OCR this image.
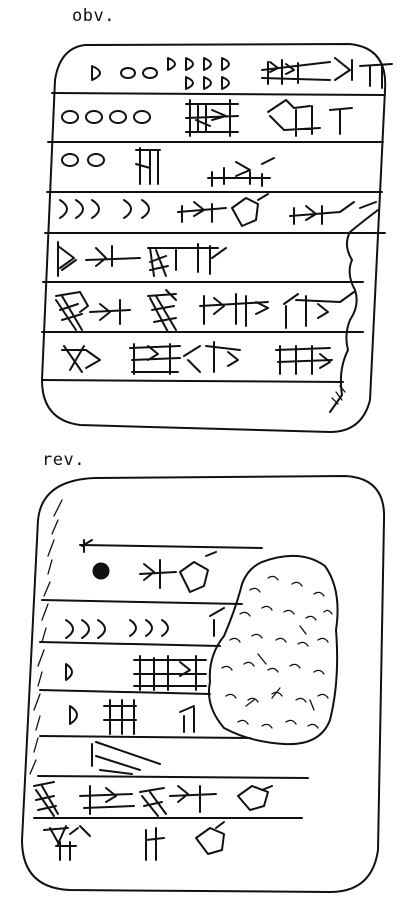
obv.
rev.
